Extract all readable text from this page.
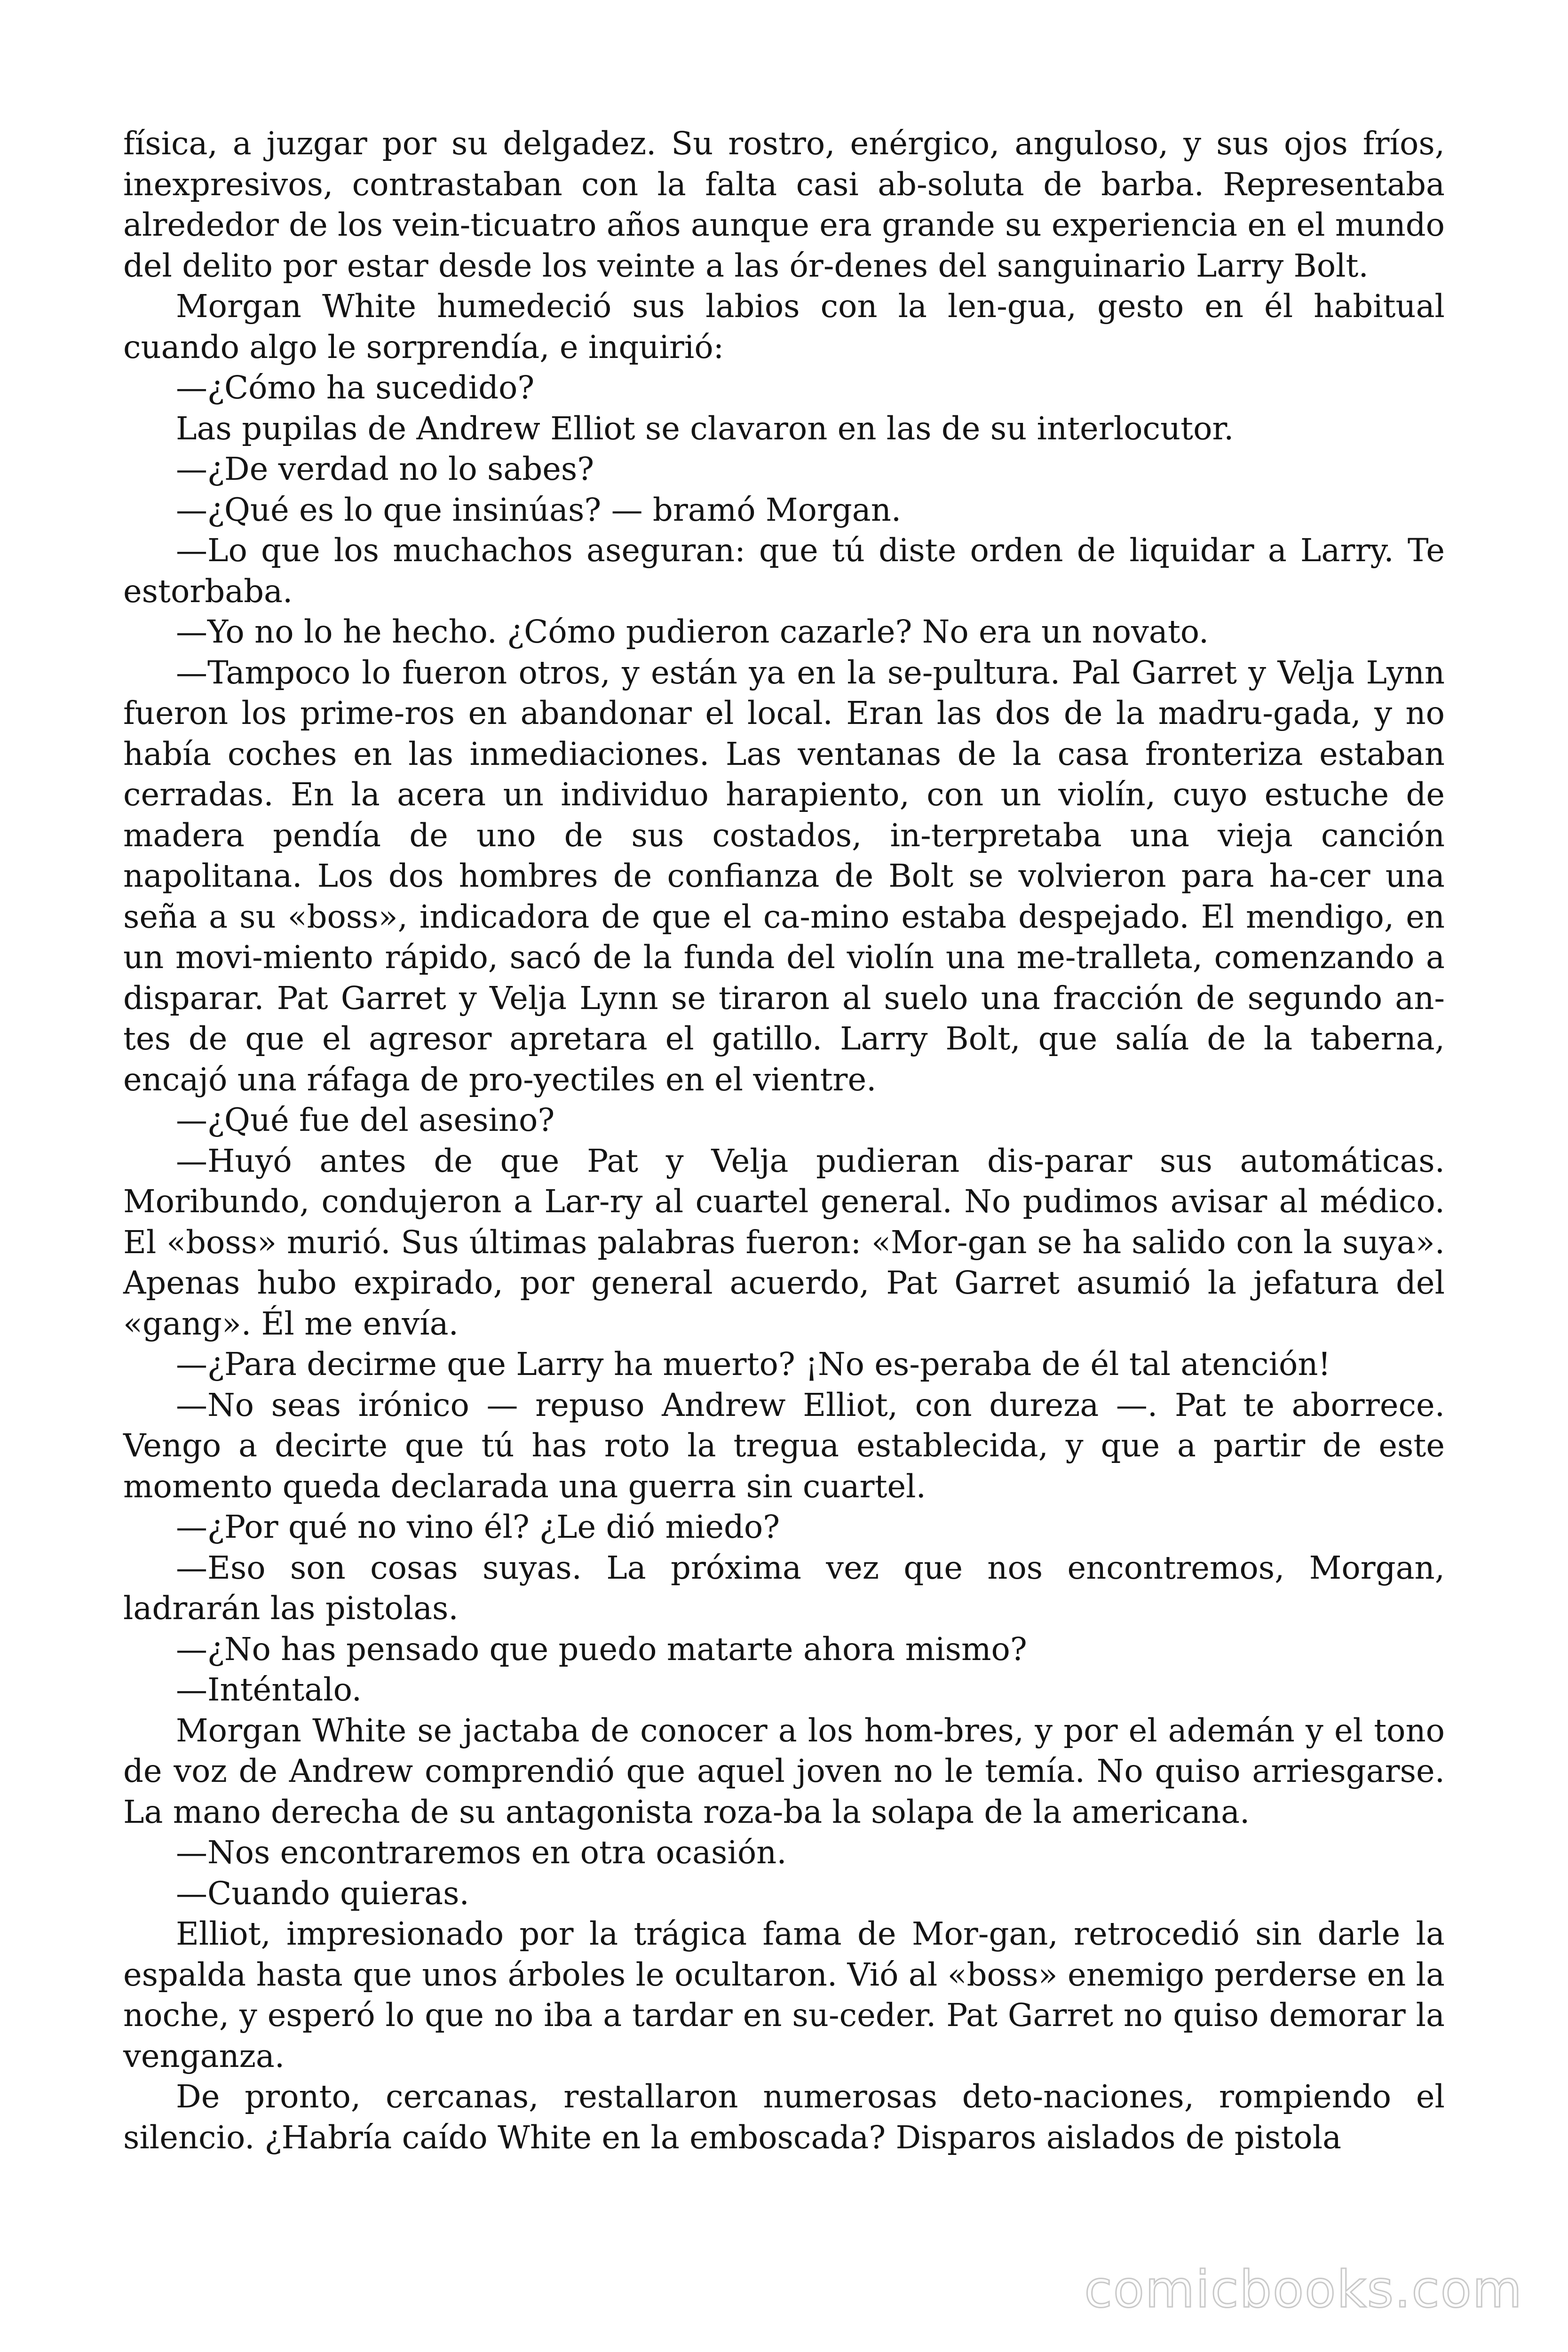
física, a juzgar por su delgadez. Su rostro, enérgico, anguloso, y sus ojos fríos, inexpresivos, contrastaban con la falta casi ab-soluta de barba. Representaba alrededor de los vein-ticuatro años aunque era grande su experiencia en el mundo del delito por estar desde los veinte a las ór-denes del sanguinario Larry Bolt.

Morgan White humedeció sus labios con la len-gua, gesto en él habitual cuando algo le sorprendía, e inquirió:

—¿Cómo ha sucedido?

Las pupilas de Andrew Elliot se clavaron en las de su interlocutor.

—¿De verdad no lo sabes?

—¿Qué es lo que insinúas? — bramó Morgan.

—Lo que los muchachos aseguran: que tú diste orden de liquidar a Larry. Te estorbaba.

—Yo no lo he hecho. ¿Cómo pudieron cazarle? No era un novato.

—Tampoco lo fueron otros, y están ya en la se-pultura. Pal Garret y Velja Lynn fueron los prime-ros en abandonar el local. Eran las dos de la madru-gada, y no había coches en las inmediaciones. Las ventanas de la casa fronteriza estaban cerradas. En la acera un individuo harapiento, con un violín, cuyo estuche de madera pendía de uno de sus costados, in-terpretaba una vieja canción napolitana. Los dos hombres de confianza de Bolt se volvieron para ha-cer una seña a su «boss», indicadora de que el ca-mino estaba despejado. El mendigo, en un movi-miento rápido, sacó de la funda del violín una me-tralleta, comenzando a disparar. Pat Garret y Velja Lynn se tiraron al suelo una fracción de segundo an-tes de que el agresor apretara el gatillo. Larry Bolt, que salía de la taberna, encajó una ráfaga de pro-yectiles en el vientre.

—¿Qué fue del asesino?

—Huyó antes de que Pat y Velja pudieran dis-parar sus automáticas. Moribundo, condujeron a Lar-ry al cuartel general. No pudimos avisar al médico. El «boss» murió. Sus últimas palabras fueron: «Mor-gan se ha salido con la suya». Apenas hubo expirado, por general acuerdo, Pat Garret asumió la jefatura del «gang». Él me envía.

—¿Para decirme que Larry ha muerto? ¡No es-peraba de él tal atención!

—No seas irónico — repuso Andrew Elliot, con dureza —. Pat te aborrece. Vengo a decirte que tú has roto la tregua establecida, y que a partir de este momento queda declarada una guerra sin cuartel.

—¿Por qué no vino él? ¿Le dió miedo?

—Eso son cosas suyas. La próxima vez que nos encontremos, Morgan, ladrarán las pistolas.

—¿No has pensado que puedo matarte ahora mismo?

—Inténtalo.

Morgan White se jactaba de conocer a los hom-bres, y por el ademán y el tono de voz de Andrew comprendió que aquel joven no le temía. No quiso arriesgarse. La mano derecha de su antagonista roza-ba la solapa de la americana.

—Nos encontraremos en otra ocasión.

—Cuando quieras.

Elliot, impresionado por la trágica fama de Mor-gan, retrocedió sin darle la espalda hasta que unos árboles le ocultaron. Vió al «boss» enemigo perderse en la noche, y esperó lo que no iba a tardar en su-ceder. Pat Garret no quiso demorar la venganza.

De pronto, cercanas, restallaron numerosas deto-naciones, rompiendo el silencio. ¿Habría caído White en la emboscada? Disparos aislados de pistola

comicbooks.com
